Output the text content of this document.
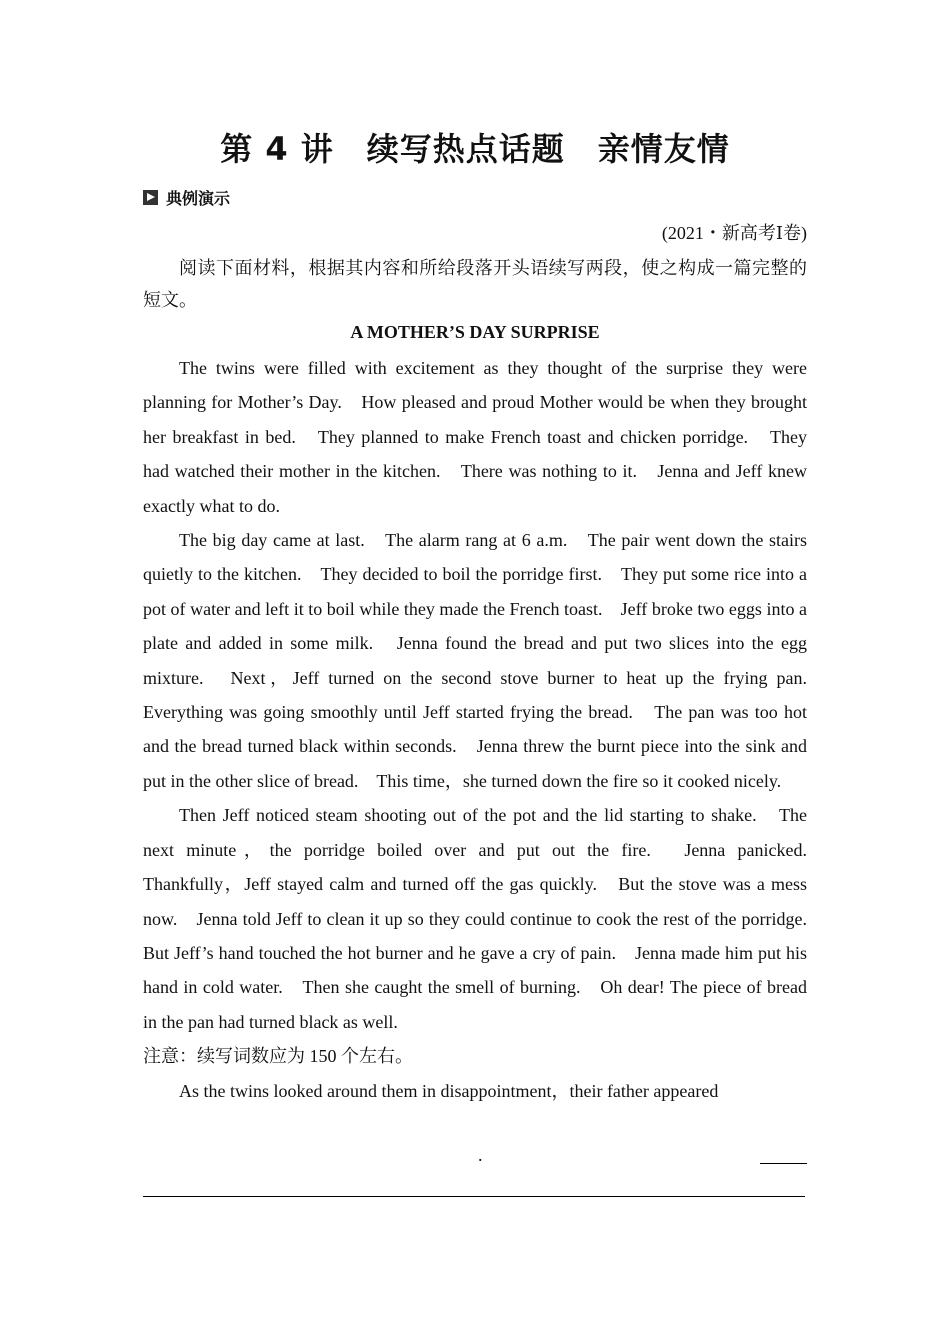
第 4 讲　续写热点话题　亲情友情
典例演示
(2021・新高考Ⅰ卷)

阅读下面材料，根据其内容和所给段落开头语续写两段，使之构成一篇完整的短文。

A MOTHER’S DAY SURPRISE

The twins were filled with excitement as they thought of the surprise they were planning for Mother’s Day.　How pleased and proud Mother would be when they brought her breakfast in bed.　They planned to make French toast and chicken porridge.　They had watched their mother in the kitchen.　There was nothing to it.　Jenna and Jeff knew exactly what to do.

The big day came at last.　The alarm rang at 6 a.m.　The pair went down the stairs quietly to the kitchen.　They decided to boil the porridge first.　They put some rice into a pot of water and left it to boil while they made the French toast.　Jeff broke two eggs into a plate and added in some milk.　Jenna found the bread and put two slices into the egg mixture.　Next，Jeff turned on the second stove burner to heat up the frying pan.　Everything was going smoothly until Jeff started frying the bread.　The pan was too hot and the bread turned black within seconds.　Jenna threw the burnt piece into the sink and put in the other slice of bread.　This time，she turned down the fire so it cooked nicely.

Then Jeff noticed steam shooting out of the pot and the lid starting to shake.　The next minute，the porridge boiled over and put out the fire.　Jenna panicked.　Thankfully，Jeff stayed calm and turned off the gas quickly.　But the stove was a mess now.　Jenna told Jeff to clean it up so they could continue to cook the rest of the porridge.　But Jeff’s hand touched the hot burner and he gave a cry of pain.　Jenna made him put his hand in cold water.　Then she caught the smell of burning.　Oh dear! The piece of bread in the pan had turned black as well.

注意：续写词数应为 150 个左右。

As the twins looked around them in disappointment，their father appeared

.
